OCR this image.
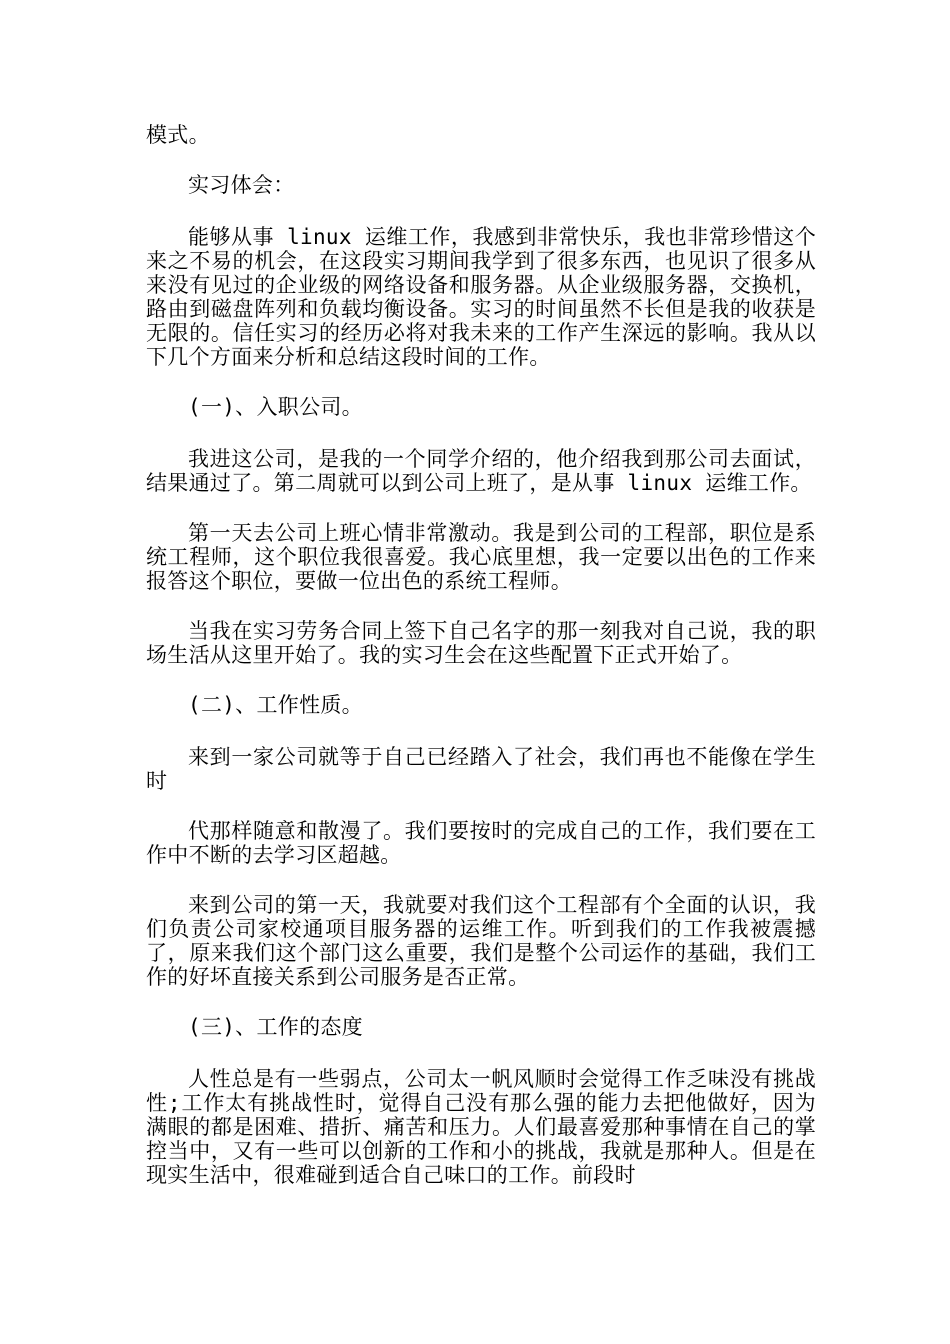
模式。

实习体会：

能够从事 linux 运维工作，我感到非常快乐，我也非常珍惜这个来之不易的机会，在这段实习期间我学到了很多东西，也见识了很多从来没有见过的企业级的网络设备和服务器。从企业级服务器，交换机，路由到磁盘阵列和负载均衡设备。实习的时间虽然不长但是我的收获是无限的。信任实习的经历必将对我未来的工作产生深远的影响。我从以下几个方面来分析和总结这段时间的工作。

(一)、入职公司。

我进这公司，是我的一个同学介绍的，他介绍我到那公司去面试，结果通过了。第二周就可以到公司上班了，是从事 linux 运维工作。

第一天去公司上班心情非常激动。我是到公司的工程部，职位是系统工程师，这个职位我很喜爱。我心底里想，我一定要以出色的工作来报答这个职位，要做一位出色的系统工程师。

当我在实习劳务合同上签下自己名字的那一刻我对自己说，我的职场生活从这里开始了。我的实习生会在这些配置下正式开始了。

(二)、工作性质。

来到一家公司就等于自己已经踏入了社会，我们再也不能像在学生时

代那样随意和散漫了。我们要按时的完成自己的工作，我们要在工作中不断的去学习区超越。

来到公司的第一天，我就要对我们这个工程部有个全面的认识，我们负责公司家校通项目服务器的运维工作。听到我们的工作我被震撼了，原来我们这个部门这么重要，我们是整个公司运作的基础，我们工作的好坏直接关系到公司服务是否正常。

(三)、工作的态度

人性总是有一些弱点，公司太一帆风顺时会觉得工作乏味没有挑战性;工作太有挑战性时，觉得自己没有那么强的能力去把他做好，因为满眼的都是困难、措折、痛苦和压力。人们最喜爱那种事情在自己的掌控当中，又有一些可以创新的工作和小的挑战，我就是那种人。但是在现实生活中，很难碰到适合自己味口的工作。前段时
